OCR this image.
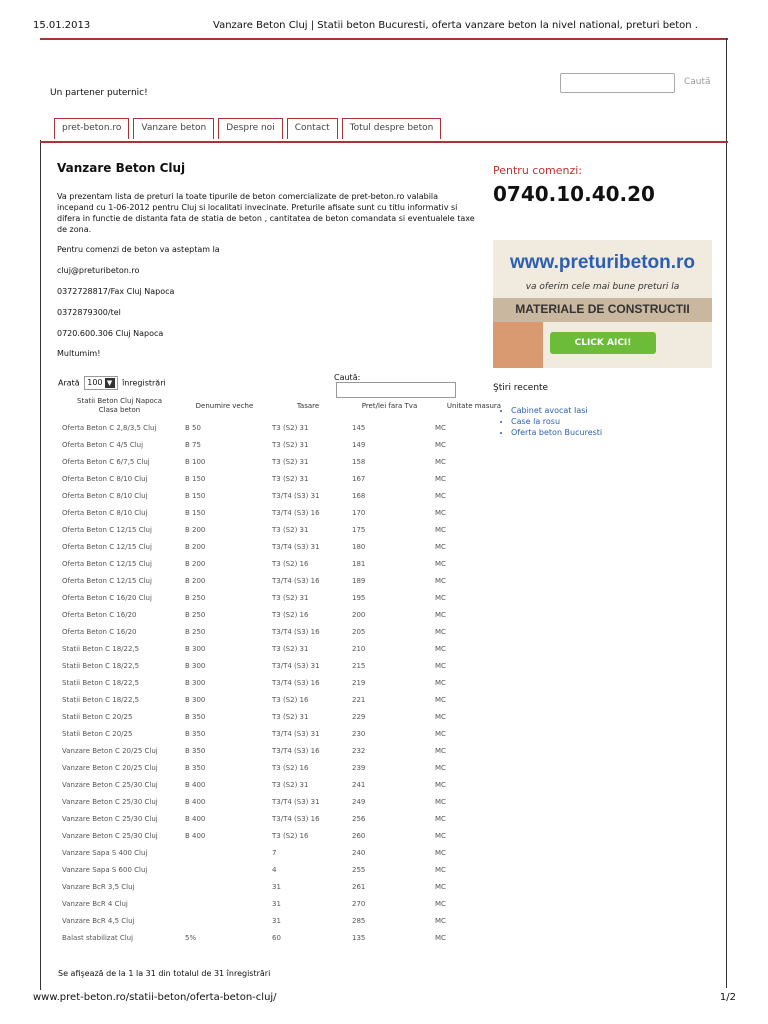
15.01.2013	Vanzare Beton Cluj | Statii beton Bucuresti, oferta vanzare beton la nivel national, preturi beton .
Un partener puternic!
Caută
pret-beton.ro	Vanzare beton	Despre noi	Contact	Totul despre beton
Vanzare Beton Cluj

Va prezentam lista de preturi la toate tipurile de beton comercializate de pret-beton.ro valabila incepand cu 1-06-2012 pentru Cluj si localitati invecinate. Preturile afisate sunt cu titlu informativ si difera in functie de distanta fata de statia de beton , cantitatea de beton comandata si eventualele taxe de zona.

Pentru comenzi de beton va asteptam la

cluj@preturibeton.ro

0372728817/Fax Cluj Napoca

0372879300/tel

0720.600.306 Cluj Napoca

Multumim!

Arată 100 ▼ înregistrări
Caută:
Statii Beton Cluj Napoca
Clasa beton	Denumire veche	Tasare	Pret/lei fara Tva	Unitate masura
Oferta Beton C 2,8/3,5 Cluj	B 50	T3 (S2) 31	145	MC
Oferta Beton C 4/5 Cluj	B 75	T3 (S2) 31	149	MC
Oferta Beton C 6/7,5 Cluj	B 100	T3 (S2) 31	158	MC
Oferta Beton C 8/10 Cluj	B 150	T3 (S2) 31	167	MC
Oferta Beton C 8/10 Cluj	B 150	T3/T4 (S3) 31	168	MC
Oferta Beton C 8/10 Cluj	B 150	T3/T4 (S3) 16	170	MC
Oferta Beton C 12/15 Cluj	B 200	T3 (S2) 31	175	MC
Oferta Beton C 12/15 Cluj	B 200	T3/T4 (S3) 31	180	MC
Oferta Beton C 12/15 Cluj	B 200	T3 (S2) 16	181	MC
Oferta Beton C 12/15 Cluj	B 200	T3/T4 (S3) 16	189	MC
Oferta Beton C 16/20 Cluj	B 250	T3 (S2) 31	195	MC
Oferta Beton C 16/20	B 250	T3 (S2) 16	200	MC
Oferta Beton C 16/20	B 250	T3/T4 (S3) 16	205	MC
Statii Beton C 18/22,5	B 300	T3 (S2) 31	210	MC
Statii Beton C 18/22,5	B 300	T3/T4 (S3) 31	215	MC
Statii Beton C 18/22,5	B 300	T3/T4 (S3) 16	219	MC
Statii Beton C 18/22,5	B 300	T3 (S2) 16	221	MC
Statii Beton C 20/25	B 350	T3 (S2) 31	229	MC
Statii Beton C 20/25	B 350	T3/T4 (S3) 31	230	MC
Vanzare Beton C 20/25 Cluj	B 350	T3/T4 (S3) 16	232	MC
Vanzare Beton C 20/25 Cluj	B 350	T3 (S2) 16	239	MC
Vanzare Beton C 25/30 Cluj	B 400	T3 (S2) 31	241	MC
Vanzare Beton C 25/30 Cluj	B 400	T3/T4 (S3) 31	249	MC
Vanzare Beton C 25/30 Cluj	B 400	T3/T4 (S3) 16	256	MC
Vanzare Beton C 25/30 Cluj	B 400	T3 (S2) 16	260	MC
Vanzare Sapa S 400 Cluj		7	240	MC
Vanzare Sapa S 600 Cluj		4	255	MC
Vanzare BcR 3,5 Cluj		31	261	MC
Vanzare BcR 4 Cluj		31	270	MC
Vanzare BcR 4,5 Cluj		31	285	MC
Balast stabilizat Cluj	5%	60	135	MC
Se afişează de la 1 la 31 din totalul de 31 înregistrări
Pentru comenzi:
0740.10.40.20
www.preturibeton.ro
va oferim cele mai bune preturi la
MATERIALE DE CONSTRUCTII
CLICK AICI!
Ştiri recente
• Cabinet avocat Iasi
• Case la rosu
• Oferta beton Bucuresti
www.pret-beton.ro/statii-beton/oferta-beton-cluj/	1/2
